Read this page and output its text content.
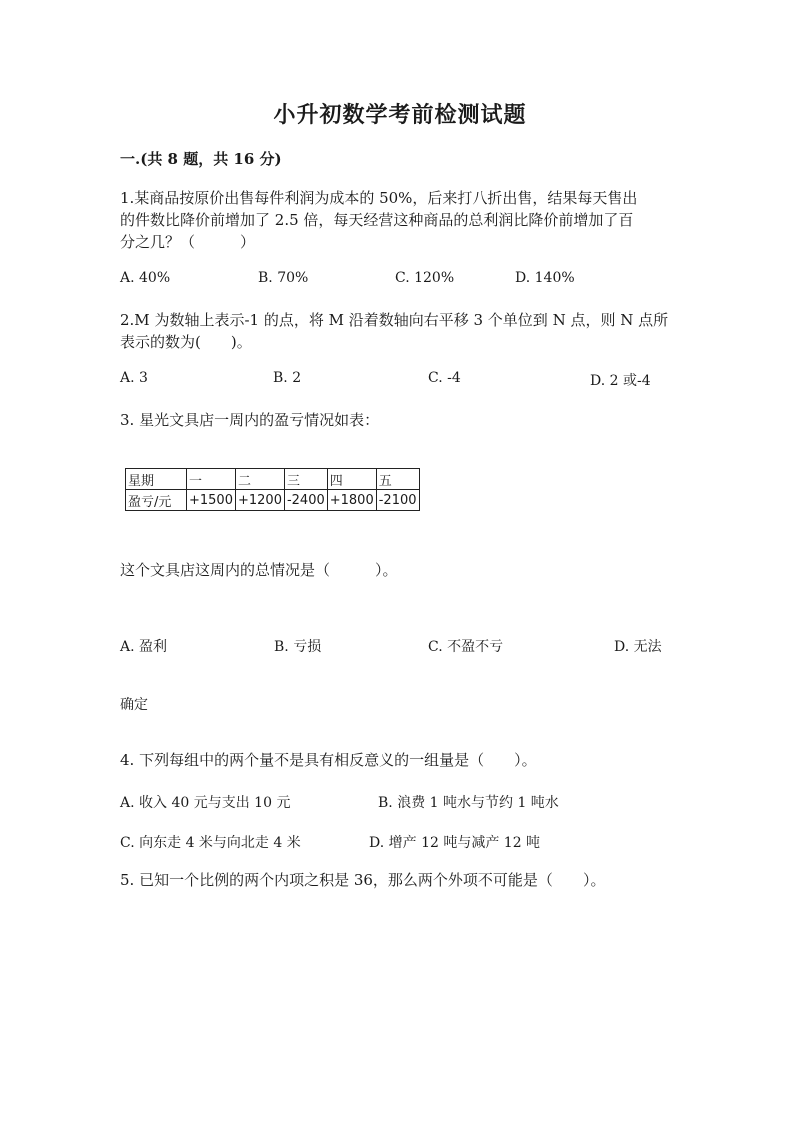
小升初数学考前检测试题
一.(共 8 题，共 16 分)
1.某商品按原价出售每件利润为成本的 50%，后来打八折出售，结果每天售出
的件数比降价前增加了 2.5 倍，每天经营这种商品的总利润比降价前增加了百
分之几？（　　　）
A. 40%	B. 70%	C. 120%	D. 140%
2.M 为数轴上表示-1 的点，将 M 沿着数轴向右平移 3 个单位到 N 点，则 N 点所
表示的数为(　　)。
A. 3	B. 2	C. -4	D. 2 或-4
3. 星光文具店一周内的盈亏情况如表：
星期	一	二	三	四	五
盈亏/元	+1500	+1200	-2400	+1800	-2100
这个文具店这周内的总情况是（　　　）。
A. 盈利	B. 亏损	C. 不盈不亏	D. 无法
确定
4. 下列每组中的两个量不是具有相反意义的一组量是（　　）。
A. 收入 40 元与支出 10 元	B. 浪费 1 吨水与节约 1 吨水
C. 向东走 4 米与向北走 4 米	D. 增产 12 吨与减产 12 吨
5. 已知一个比例的两个内项之积是 36，那么两个外项不可能是（　　）。
